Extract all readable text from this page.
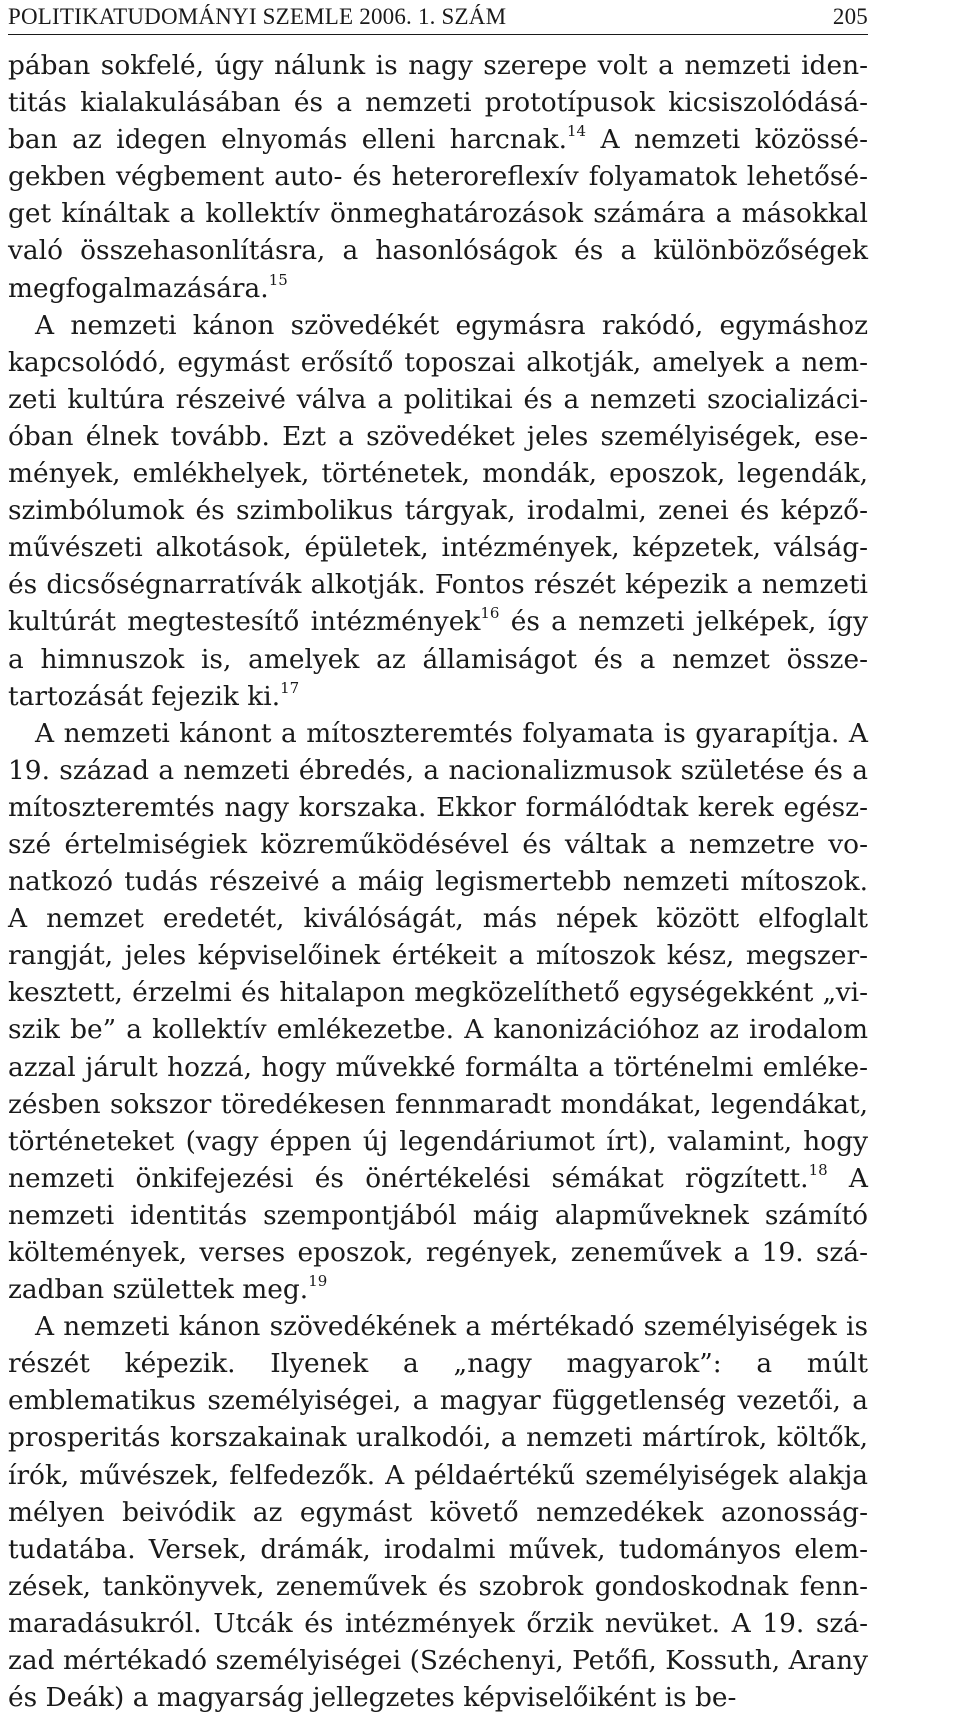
POLITIKATUDOMÁNYI SZEMLE 2006. 1. SZÁM	205

pában sokfelé, úgy nálunk is nagy szerepe volt a nemzeti identitás kialakulásában és a nemzeti prototípusok kicsiszolódásában az idegen elnyomás elleni harcnak.$^{14}$ A nemzeti közösségekben végbement auto- és heteroreflexív folyamatok lehetőséget kínáltak a kollektív önmeghatározások számára a másokkal való összehasonlításra, a hasonlóságok és a különbözőségek megfogalmazására.$^{15}$

A nemzeti kánon szövedékét egymásra rakódó, egymáshoz kapcsolódó, egymást erősítő toposzai alkotják, amelyek a nemzeti kultúra részeivé válva a politikai és a nemzeti szocializációban élnek tovább. Ezt a szövedéket jeles személyiségek, események, emlékhelyek, történetek, mondák, eposzok, legendák, szimbólumok és szimbolikus tárgyak, irodalmi, zenei és képzőművészeti alkotások, épületek, intézmények, képzetek, válság- és dicsőségnarratívák alkotják. Fontos részét képezik a nemzeti kultúrát megtestesítő intézmények$^{16}$ és a nemzeti jelképek, így a himnuszok is, amelyek az államiságot és a nemzet összetartozását fejezik ki.$^{17}$

A nemzeti kánont a mítoszteremtés folyamata is gyarapítja. A 19. század a nemzeti ébredés, a nacionalizmusok születése és a mítoszteremtés nagy korszaka. Ekkor formálódtak kerek egészszé értelmiségiek közreműködésével és váltak a nemzetre vonatkozó tudás részeivé a máig legismertebb nemzeti mítoszok. A nemzet eredetét, kiválóságát, más népek között elfoglalt rangját, jeles képviselőinek értékeit a mítoszok kész, megszerkesztett, érzelmi és hitalapon megközelíthető egységekként „viszik be” a kollektív emlékezetbe. A kanonizációhoz az irodalom azzal járult hozzá, hogy művekké formálta a történelmi emlékezésben sokszor töredékesen fennmaradt mondákat, legendákat, történeteket (vagy éppen új legendáriumot írt), valamint, hogy nemzeti önkifejezési és önértékelési sémákat rögzített.$^{18}$ A nemzeti identitás szempontjából máig alapműveknek számító költemények, verses eposzok, regények, zeneművek a 19. században születtek meg.$^{19}$

A nemzeti kánon szövedékének a mértékadó személyiségek is részét képezik. Ilyenek a „nagy magyarok”: a múlt emblematikus személyiségei, a magyar függetlenség vezetői, a prosperitás korszakainak uralkodói, a nemzeti mártírok, költők, írók, művészek, felfedezők. A példaértékű személyiségek alakja mélyen beivódik az egymást követő nemzedékek azonosságtudatába. Versek, drámák, irodalmi művek, tudományos elemzések, tankönyvek, zeneművek és szobrok gondoskodnak fennmaradásukról. Utcák és intézmények őrzik nevüket. A 19. század mértékadó személyiségei (Széchenyi, Petőfi, Kossuth, Arany és Deák) a magyarság jellegzetes képviselőiként is be-
